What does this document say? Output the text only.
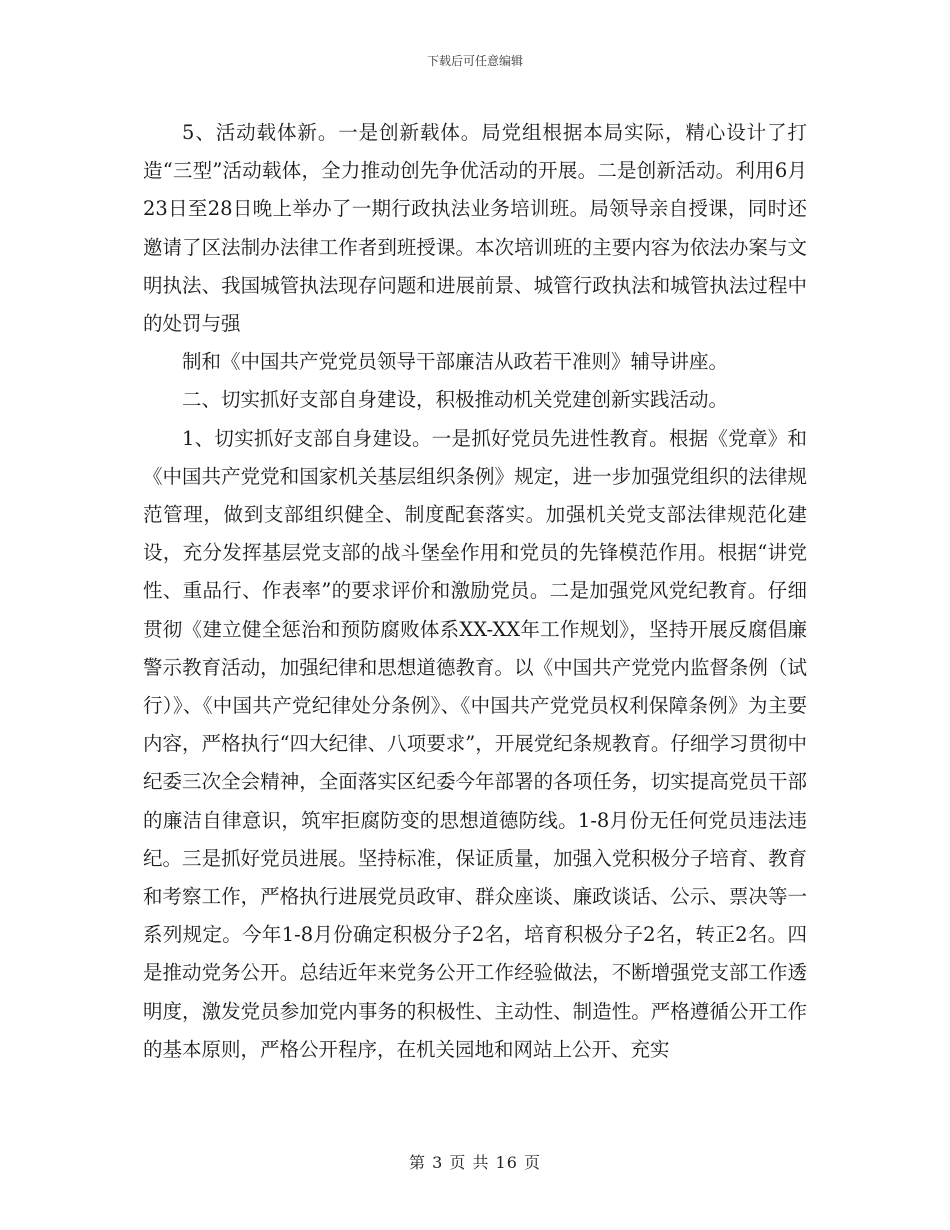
下载后可任意编辑

5、活动载体新。一是创新载体。局党组根据本局实际，精心设计了打造“三型”活动载体，全力推动创先争优活动的开展。二是创新活动。利用6月23日至28日晚上举办了一期行政执法业务培训班。局领导亲自授课，同时还邀请了区法制办法律工作者到班授课。本次培训班的主要内容为依法办案与文明执法、我国城管执法现存问题和进展前景、城管行政执法和城管执法过程中的处罚与强

制和《中国共产党党员领导干部廉洁从政若干准则》辅导讲座。

二、切实抓好支部自身建设，积极推动机关党建创新实践活动。

1、切实抓好支部自身建设。一是抓好党员先进性教育。根据《党章》和《中国共产党党和国家机关基层组织条例》规定，进一步加强党组织的法律规范管理，做到支部组织健全、制度配套落实。加强机关党支部法律规范化建设，充分发挥基层党支部的战斗堡垒作用和党员的先锋模范作用。根据“讲党性、重品行、作表率”的要求评价和激励党员。二是加强党风党纪教育。仔细贯彻《建立健全惩治和预防腐败体系XX-XX年工作规划》，坚持开展反腐倡廉警示教育活动，加强纪律和思想道德教育。以《中国共产党党内监督条例（试行）》、《中国共产党纪律处分条例》、《中国共产党党员权利保障条例》为主要内容，严格执行“四大纪律、八项要求”，开展党纪条规教育。仔细学习贯彻中纪委三次全会精神，全面落实区纪委今年部署的各项任务，切实提高党员干部的廉洁自律意识，筑牢拒腐防变的思想道德防线。1-8月份无任何党员违法违纪。三是抓好党员进展。坚持标准，保证质量，加强入党积极分子培育、教育和考察工作，严格执行进展党员政审、群众座谈、廉政谈话、公示、票决等一系列规定。今年1-8月份确定积极分子2名，培育积极分子2名，转正2名。四是推动党务公开。总结近年来党务公开工作经验做法，不断增强党支部工作透明度，激发党员参加党内事务的积极性、主动性、制造性。严格遵循公开工作的基本原则，严格公开程序，在机关园地和网站上公开、充实

第 3 页 共 16 页
